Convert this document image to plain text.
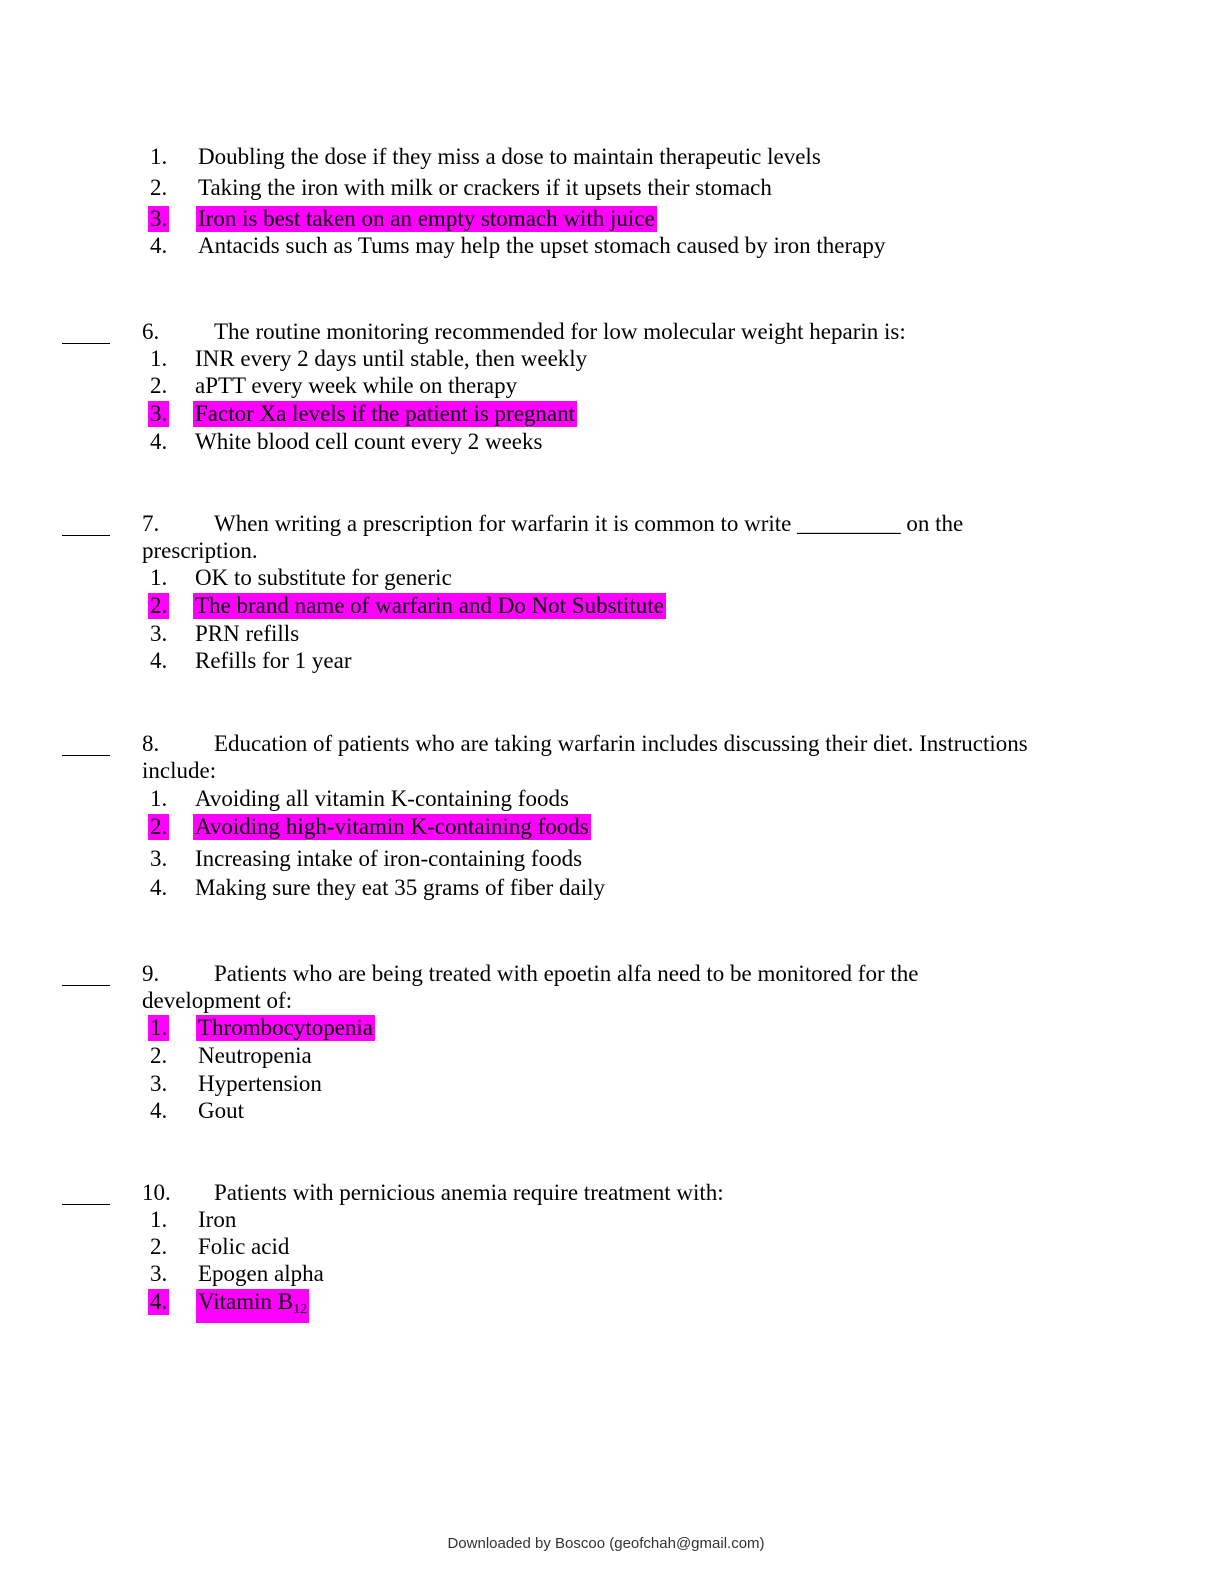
1. Doubling the dose if they miss a dose to maintain therapeutic levels
2. Taking the iron with milk or crackers if it upsets their stomach
3. Iron is best taken on an empty stomach with juice
4. Antacids such as Tums may help the upset stomach caused by iron therapy
6. The routine monitoring recommended for low molecular weight heparin is:
1. INR every 2 days until stable, then weekly
2. aPTT every week while on therapy
3. Factor Xa levels if the patient is pregnant
4. White blood cell count every 2 weeks
7. When writing a prescription for warfarin it is common to write _________ on the
prescription.
1. OK to substitute for generic
2. The brand name of warfarin and Do Not Substitute
3. PRN refills
4. Refills for 1 year
8. Education of patients who are taking warfarin includes discussing their diet. Instructions
include:
1. Avoiding all vitamin K-containing foods
2. Avoiding high-vitamin K-containing foods
3. Increasing intake of iron-containing foods
4. Making sure they eat 35 grams of fiber daily
9. Patients who are being treated with epoetin alfa need to be monitored for the
development of:
1. Thrombocytopenia
2. Neutropenia
3. Hypertension
4. Gout
10. Patients with pernicious anemia require treatment with:
1. Iron
2. Folic acid
3. Epogen alpha
4. Vitamin $B_{12}$
Downloaded by Boscoo (geofchah@gmail.com)
